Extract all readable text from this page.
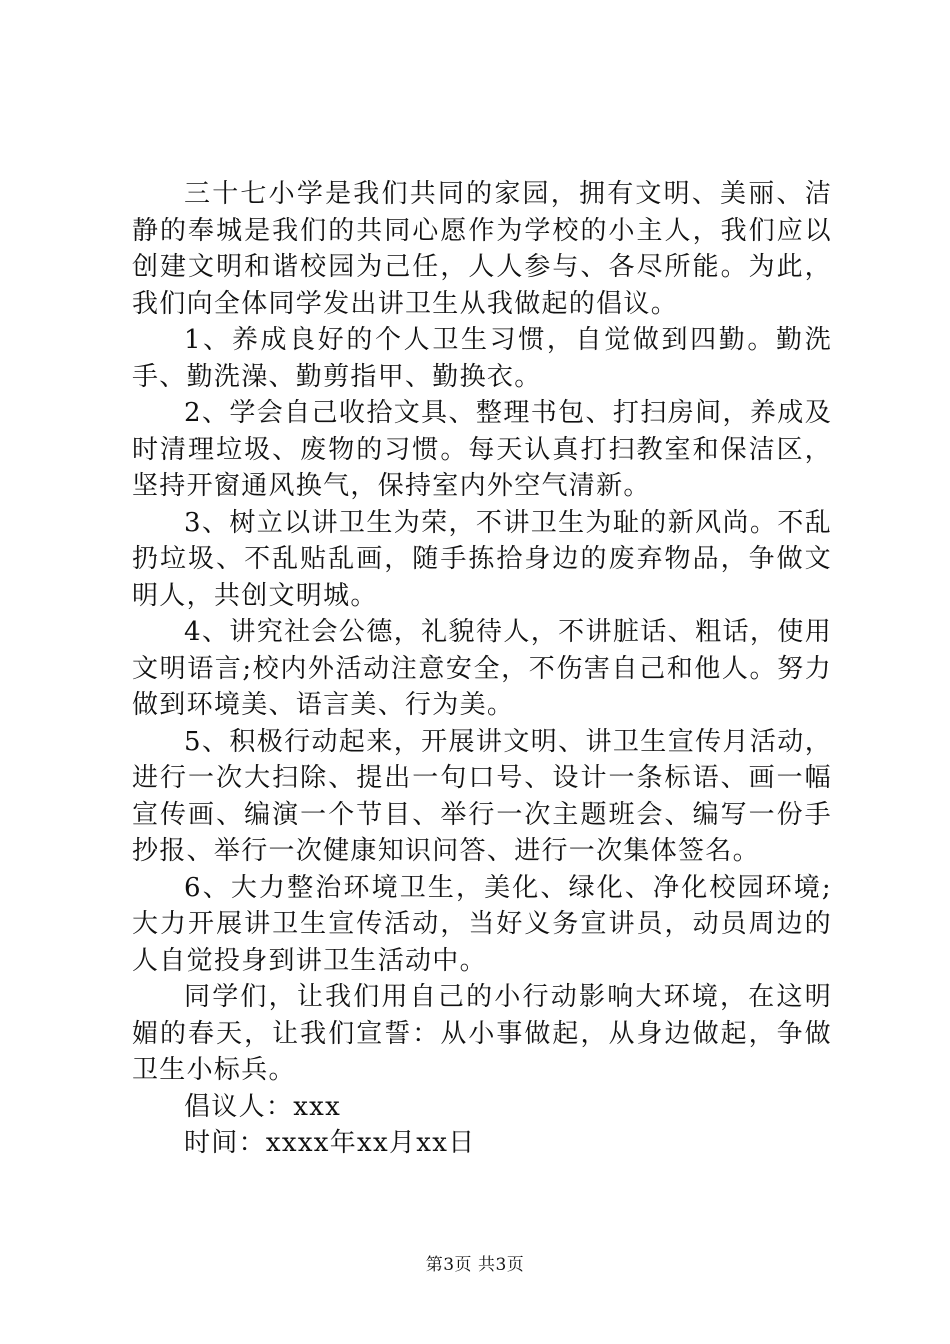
三十七小学是我们共同的家园，拥有文明、美丽、洁静的奉城是我们的共同心愿作为学校的小主人，我们应以创建文明和谐校园为己任，人人参与、各尽所能。为此，我们向全体同学发出讲卫生从我做起的倡议。

1、养成良好的个人卫生习惯，自觉做到四勤。勤洗手、勤洗澡、勤剪指甲、勤换衣。

2、学会自己收拾文具、整理书包、打扫房间，养成及时清理垃圾、废物的习惯。每天认真打扫教室和保洁区，坚持开窗通风换气，保持室内外空气清新。

3、树立以讲卫生为荣，不讲卫生为耻的新风尚。不乱扔垃圾、不乱贴乱画，随手拣拾身边的废弃物品，争做文明人，共创文明城。

4、讲究社会公德，礼貌待人，不讲脏话、粗话，使用文明语言;校内外活动注意安全，不伤害自己和他人。努力做到环境美、语言美、行为美。

5、积极行动起来，开展讲文明、讲卫生宣传月活动，进行一次大扫除、提出一句口号、设计一条标语、画一幅宣传画、编演一个节目、举行一次主题班会、编写一份手抄报、举行一次健康知识问答、进行一次集体签名。

6、大力整治环境卫生，美化、绿化、净化校园环境;大力开展讲卫生宣传活动，当好义务宣讲员，动员周边的人自觉投身到讲卫生活动中。

同学们，让我们用自己的小行动影响大环境，在这明媚的春天，让我们宣誓：从小事做起，从身边做起，争做卫生小标兵。

倡议人：xxx

时间：xxxx年xx月xx日

第3页 共3页
